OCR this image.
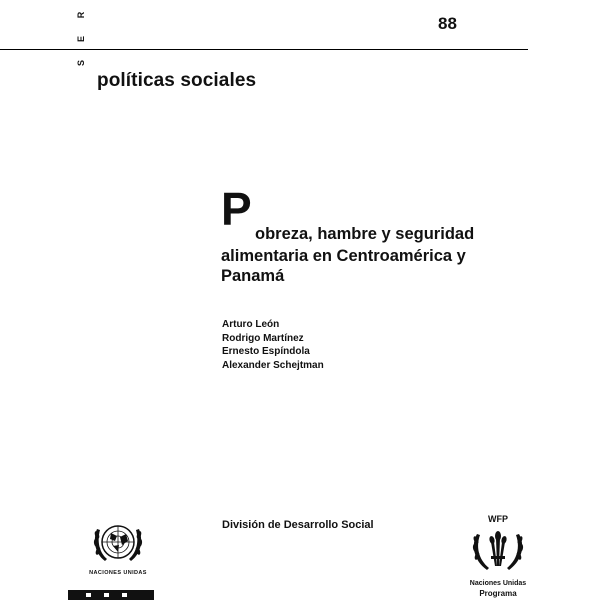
R
E
S
88
políticas sociales
P obreza, hambre y seguridad
alimentaria en Centroamérica y
Panamá
Arturo León
Rodrigo Martínez
Ernesto Espíndola
Alexander Schejtman
NACIONES UNIDAS
División de Desarrollo Social	WFP
Naciones Unidas
Programa
